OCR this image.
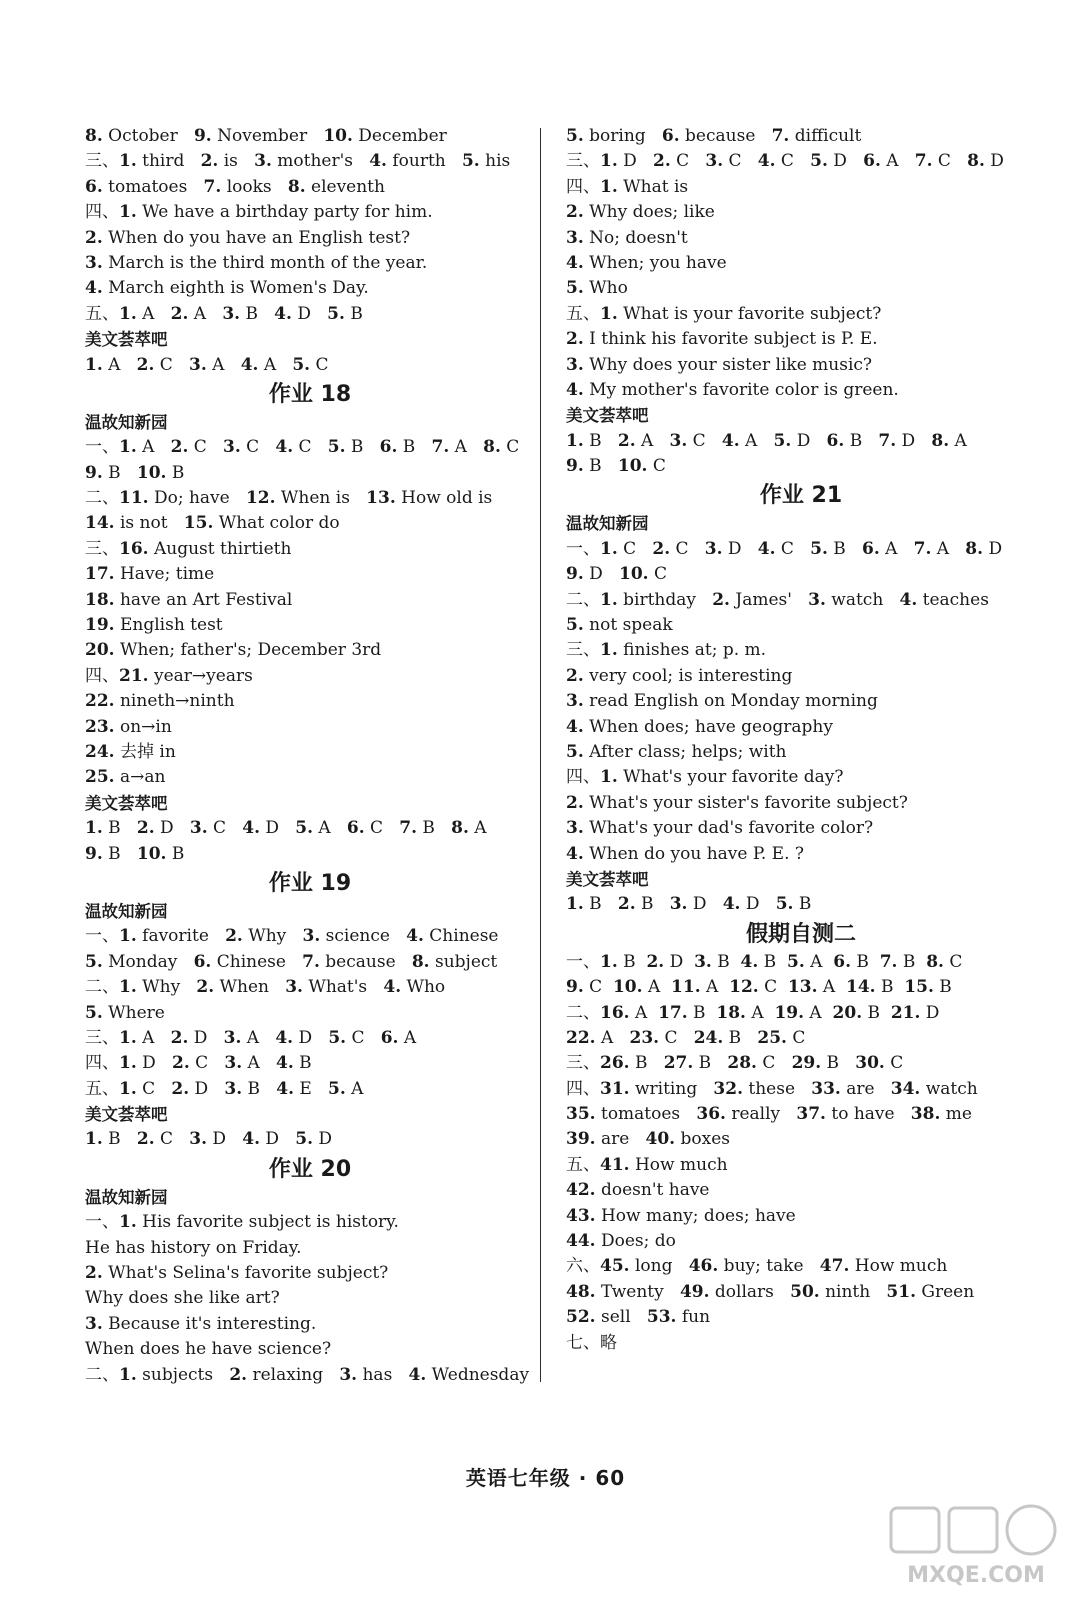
8. October   9. November   10. December
三、1. third   2. is   3. mother's   4. fourth   5. his
6. tomatoes   7. looks   8. eleventh
四、1. We have a birthday party for him.
2. When do you have an English test?
3. March is the third month of the year.
4. March eighth is Women's Day.
五、1. A   2. A   3. B   4. D   5. B
美文荟萃吧
1. A   2. C   3. A   4. A   5. C
作业 18
温故知新园
一、1. A   2. C   3. C   4. C   5. B   6. B   7. A   8. C
9. B   10. B
二、11. Do; have   12. When is   13. How old is
14. is not   15. What color do
三、16. August thirtieth
17. Have; time
18. have an Art Festival
19. English test
20. When; father's; December 3rd
四、21. year→years
22. nineth→ninth
23. on→in
24. 去掉 in
25. a→an
美文荟萃吧
1. B   2. D   3. C   4. D   5. A   6. C   7. B   8. A
9. B   10. B
作业 19
温故知新园
一、1. favorite   2. Why   3. science   4. Chinese
5. Monday   6. Chinese   7. because   8. subject
二、1. Why   2. When   3. What's   4. Who
5. Where
三、1. A   2. D   3. A   4. D   5. C   6. A
四、1. D   2. C   3. A   4. B
五、1. C   2. D   3. B   4. E   5. A
美文荟萃吧
1. B   2. C   3. D   4. D   5. D
作业 20
温故知新园
一、1. His favorite subject is history.
He has history on Friday.
2. What's Selina's favorite subject?
Why does she like art?
3. Because it's interesting.
When does he have science?
二、1. subjects   2. relaxing   3. has   4. Wednesday
5. boring   6. because   7. difficult
三、1. D   2. C   3. C   4. C   5. D   6. A   7. C   8. D
四、1. What is
2. Why does; like
3. No; doesn't
4. When; you have
5. Who
五、1. What is your favorite subject?
2. I think his favorite subject is P. E.
3. Why does your sister like music?
4. My mother's favorite color is green.
美文荟萃吧
1. B   2. A   3. C   4. A   5. D   6. B   7. D   8. A
9. B   10. C
作业 21
温故知新园
一、1. C   2. C   3. D   4. C   5. B   6. A   7. A   8. D
9. D   10. C
二、1. birthday   2. James'   3. watch   4. teaches
5. not speak
三、1. finishes at; p. m.
2. very cool; is interesting
3. read English on Monday morning
4. When does; have geography
5. After class; helps; with
四、1. What's your favorite day?
2. What's your sister's favorite subject?
3. What's your dad's favorite color?
4. When do you have P. E. ?
美文荟萃吧
1. B   2. B   3. D   4. D   5. B
假期自测二
一、1. B  2. D  3. B  4. B  5. A  6. B  7. B  8. C
9. C  10. A  11. A  12. C  13. A  14. B  15. B
二、16. A  17. B  18. A  19. A  20. B  21. D
22. A   23. C   24. B   25. C
三、26. B   27. B   28. C   29. B   30. C
四、31. writing   32. these   33. are   34. watch
35. tomatoes   36. really   37. to have   38. me
39. are   40. boxes
五、41. How much
42. doesn't have
43. How many; does; have
44. Does; do
六、45. long   46. buy; take   47. How much
48. Twenty   49. dollars   50. ninth   51. Green
52. sell   53. fun
七、略
英语七年级 · 60
MXQE.COM
